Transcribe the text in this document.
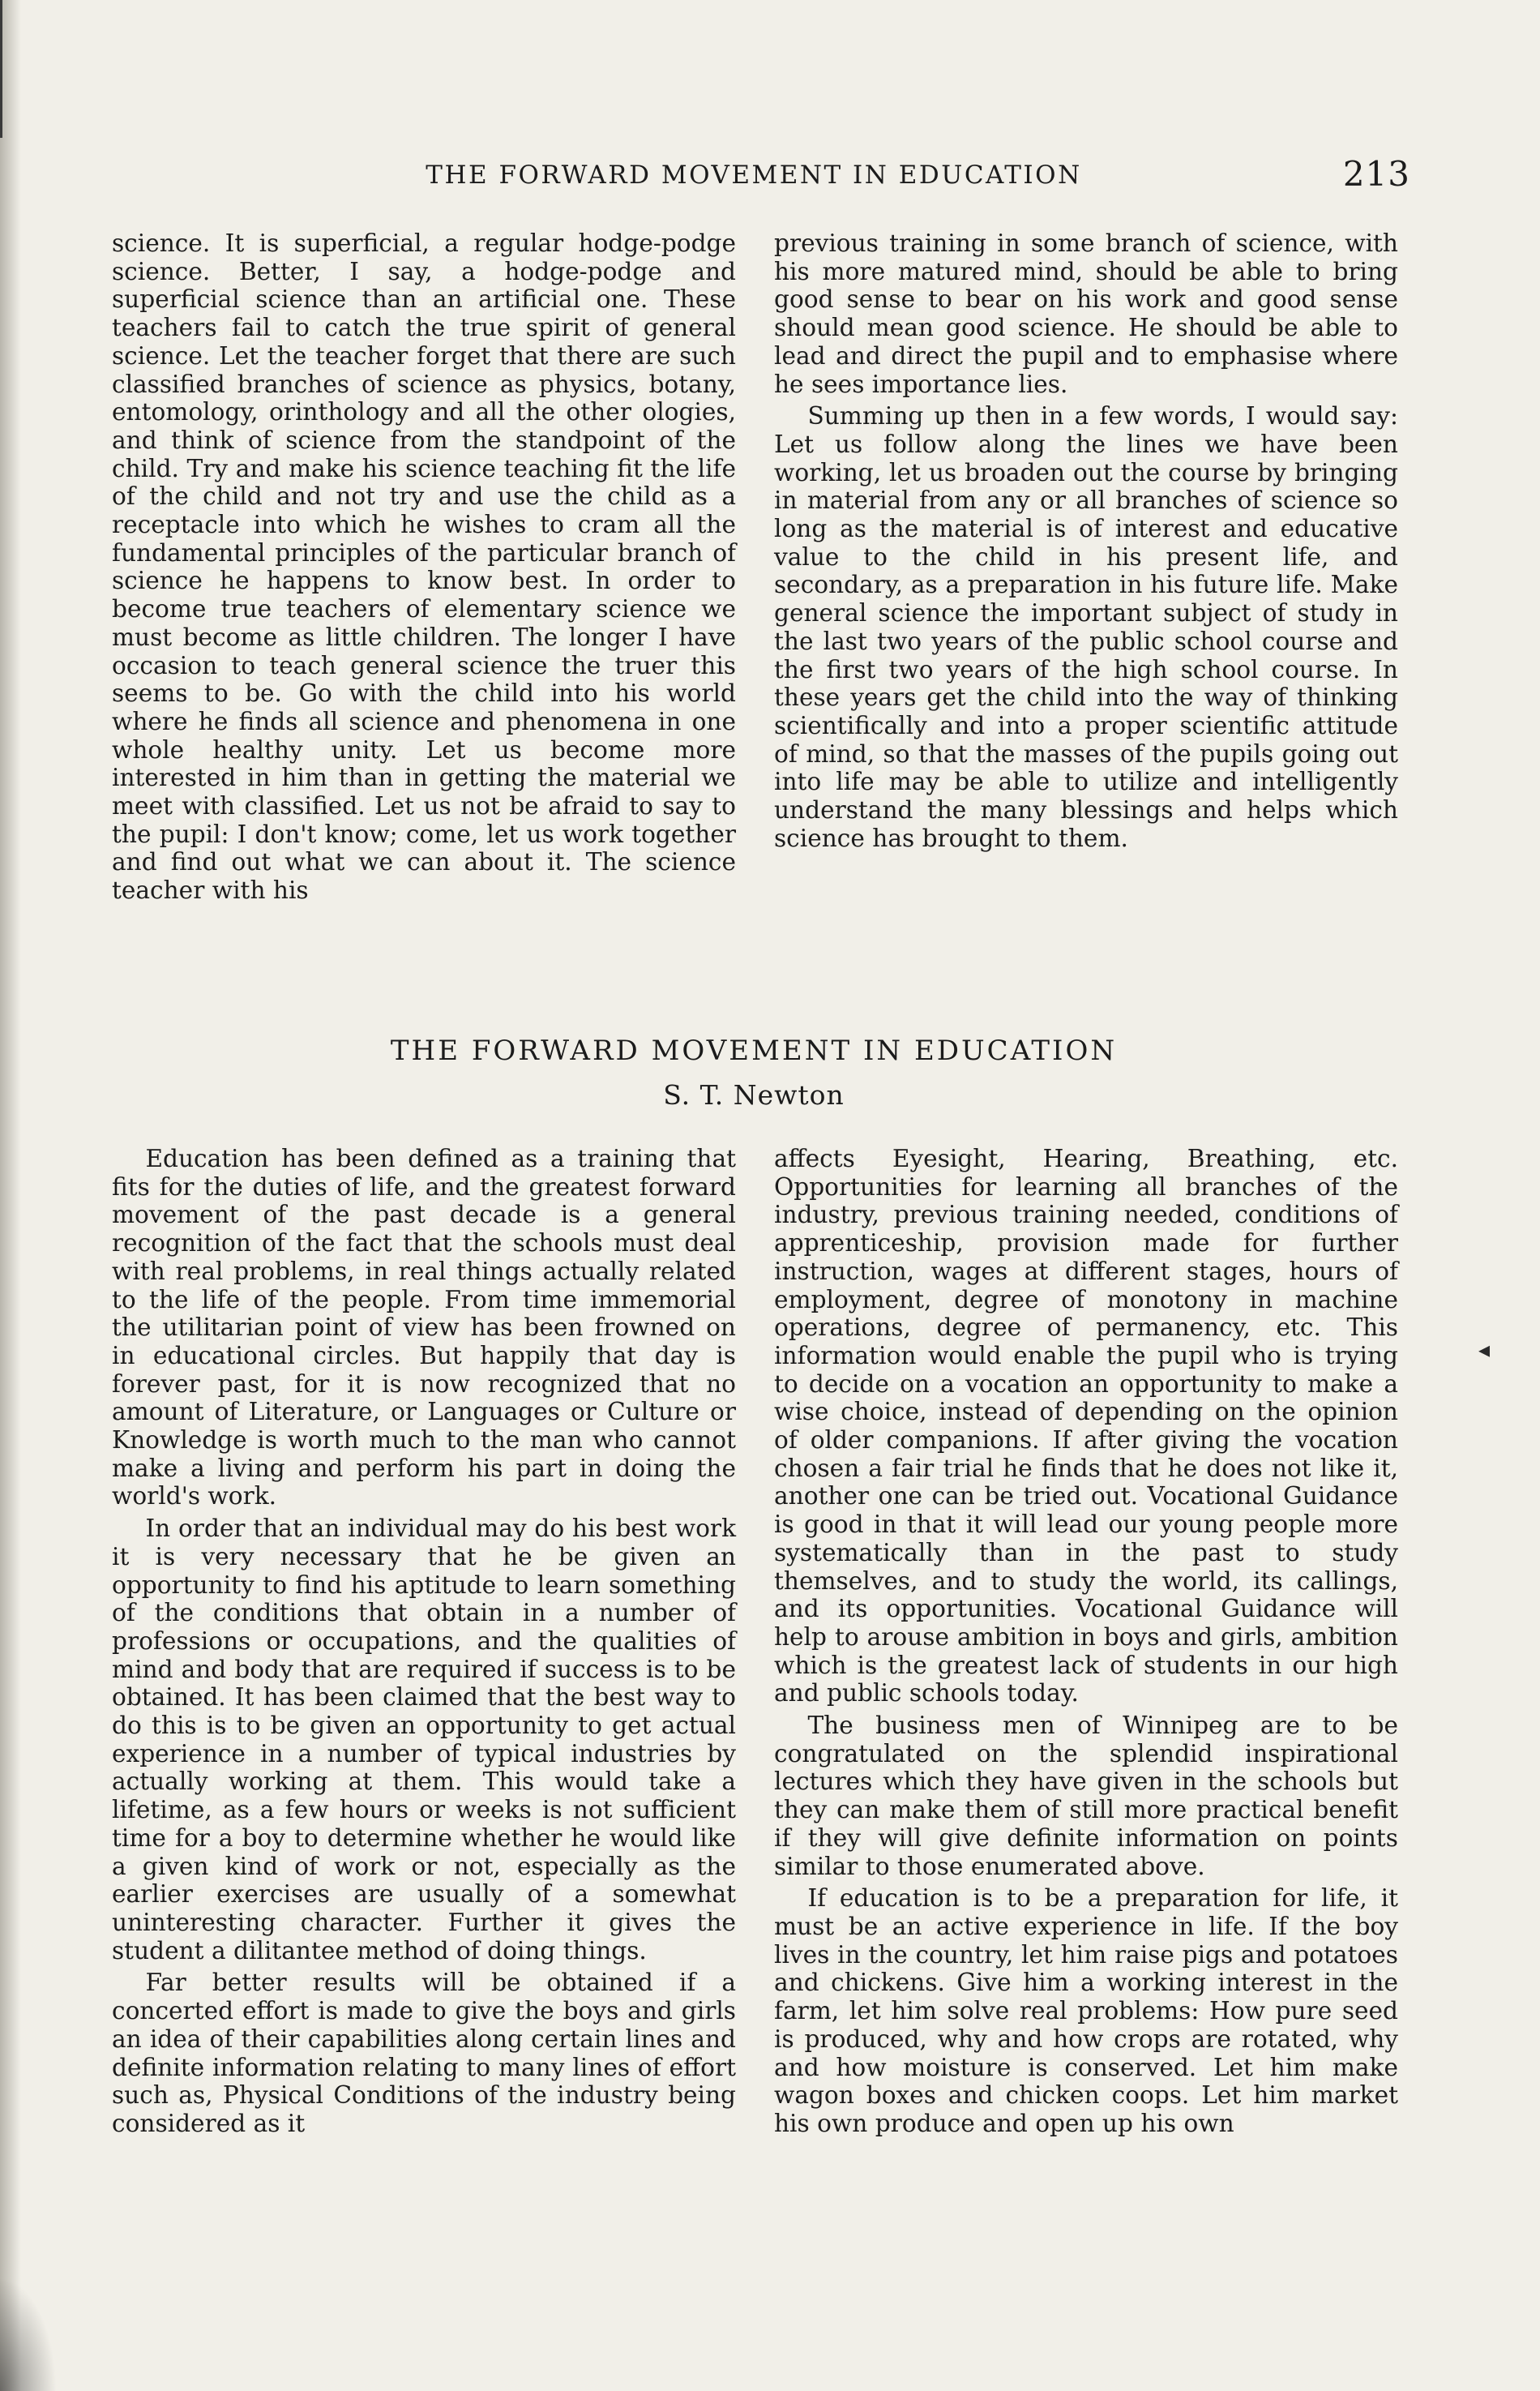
THE FORWARD MOVEMENT IN EDUCATION	213

science. It is superficial, a regular hodge-podge science. Better, I say, a hodge-podge and superficial science than an artificial one. These teachers fail to catch the true spirit of general science. Let the teacher forget that there are such classified branches of science as physics, botany, entomology, orinthology and all the other ologies, and think of science from the standpoint of the child. Try and make his science teaching fit the life of the child and not try and use the child as a receptacle into which he wishes to cram all the fundamental principles of the particular branch of science he happens to know best. In order to become true teachers of elementary science we must become as little children. The longer I have occasion to teach general science the truer this seems to be. Go with the child into his world where he finds all science and phenomena in one whole healthy unity. Let us become more interested in him than in getting the material we meet with classified. Let us not be afraid to say to the pupil: I don't know; come, let us work together and find out what we can about it. The science teacher with his

previous training in some branch of science, with his more matured mind, should be able to bring good sense to bear on his work and good sense should mean good science. He should be able to lead and direct the pupil and to emphasise where he sees importance lies.

Summing up then in a few words, I would say: Let us follow along the lines we have been working, let us broaden out the course by bringing in material from any or all branches of science so long as the material is of interest and educative value to the child in his present life, and secondary, as a preparation in his future life. Make general science the important subject of study in the last two years of the public school course and the first two years of the high school course. In these years get the child into the way of thinking scientifically and into a proper scientific attitude of mind, so that the masses of the pupils going out into life may be able to utilize and intelligently understand the many blessings and helps which science has brought to them.

THE FORWARD MOVEMENT IN EDUCATION
S. T. Newton

Education has been defined as a training that fits for the duties of life, and the greatest forward movement of the past decade is a general recognition of the fact that the schools must deal with real problems, in real things actually related to the life of the people. From time immemorial the utilitarian point of view has been frowned on in educational circles. But happily that day is forever past, for it is now recognized that no amount of Literature, or Languages or Culture or Knowledge is worth much to the man who cannot make a living and perform his part in doing the world's work.

In order that an individual may do his best work it is very necessary that he be given an opportunity to find his aptitude to learn something of the conditions that obtain in a number of professions or occupations, and the qualities of mind and body that are required if success is to be obtained. It has been claimed that the best way to do this is to be given an opportunity to get actual experience in a number of typical industries by actually working at them. This would take a lifetime, as a few hours or weeks is not sufficient time for a boy to determine whether he would like a given kind of work or not, especially as the earlier exercises are usually of a somewhat uninteresting character. Further it gives the student a dilitantee method of doing things.

Far better results will be obtained if a concerted effort is made to give the boys and girls an idea of their capabilities along certain lines and definite information relating to many lines of effort such as, Physical Conditions of the industry being considered as it

affects Eyesight, Hearing, Breathing, etc. Opportunities for learning all branches of the industry, previous training needed, conditions of apprenticeship, provision made for further instruction, wages at different stages, hours of employment, degree of monotony in machine operations, degree of permanency, etc. This information would enable the pupil who is trying to decide on a vocation an opportunity to make a wise choice, instead of depending on the opinion of older companions. If after giving the vocation chosen a fair trial he finds that he does not like it, another one can be tried out. Vocational Guidance is good in that it will lead our young people more systematically than in the past to study themselves, and to study the world, its callings, and its opportunities. Vocational Guidance will help to arouse ambition in boys and girls, ambition which is the greatest lack of students in our high and public schools today.

The business men of Winnipeg are to be congratulated on the splendid inspirational lectures which they have given in the schools but they can make them of still more practical benefit if they will give definite information on points similar to those enumerated above.

If education is to be a preparation for life, it must be an active experience in life. If the boy lives in the country, let him raise pigs and potatoes and chickens. Give him a working interest in the farm, let him solve real problems: How pure seed is produced, why and how crops are rotated, why and how moisture is conserved. Let him make wagon boxes and chicken coops. Let him market his own produce and open up his own

◂
